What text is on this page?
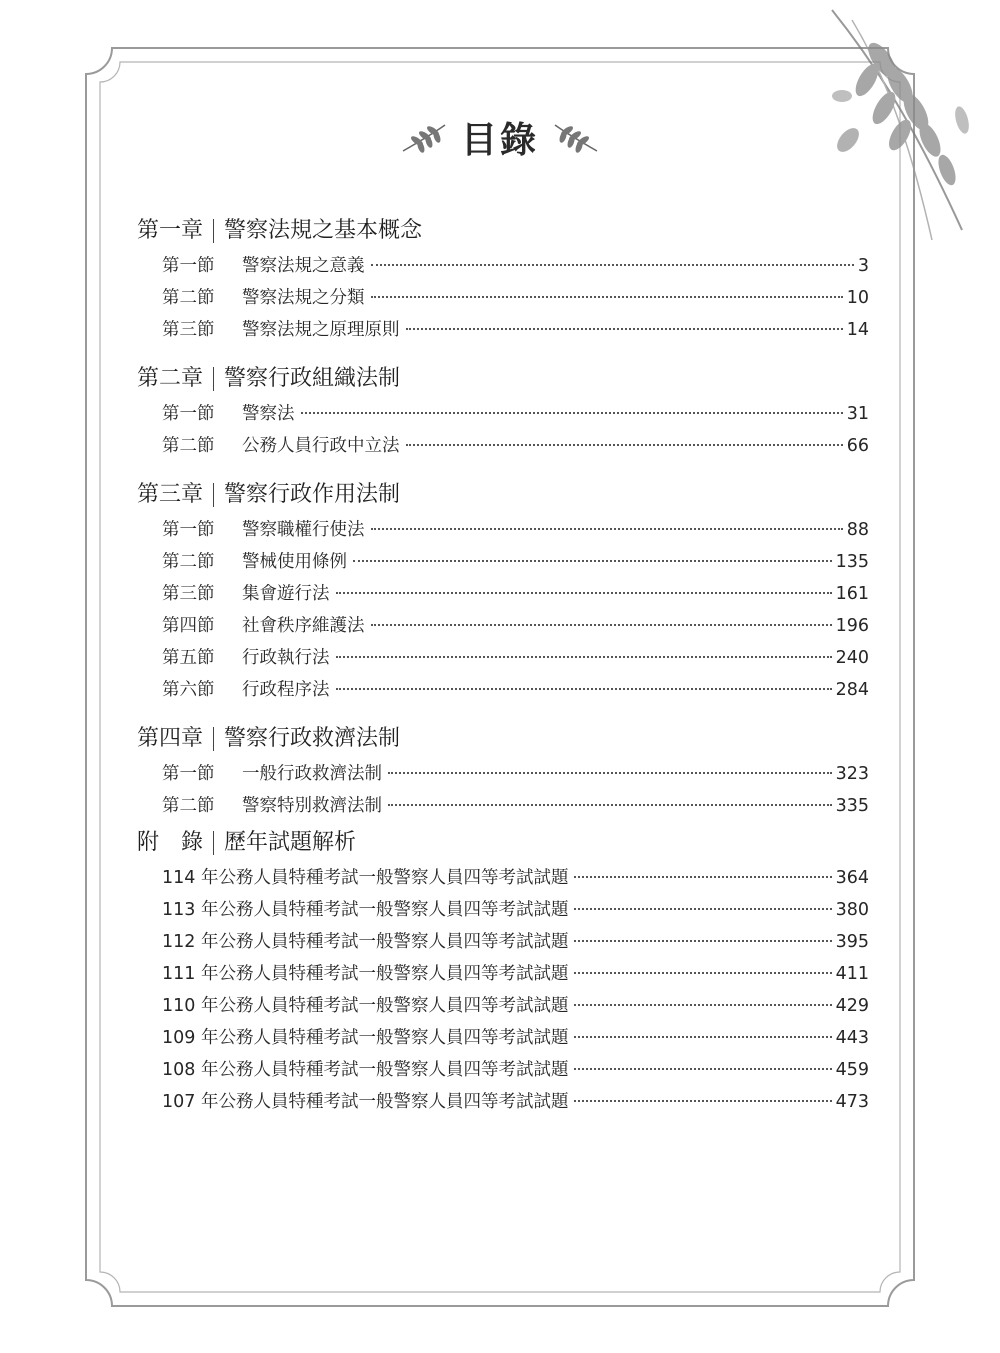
目錄
第一章 警察法規之基本概念
第一節	警察法規之意義	3
第二節	警察法規之分類	10
第三節	警察法規之原理原則	14
第二章 警察行政組織法制
第一節	警察法	31
第二節	公務人員行政中立法	66
第三章 警察行政作用法制
第一節	警察職權行使法	88
第二節	警械使用條例	135
第三節	集會遊行法	161
第四節	社會秩序維護法	196
第五節	行政執行法	240
第六節	行政程序法	284
第四章 警察行政救濟法制
第一節	一般行政救濟法制	323
第二節	警察特別救濟法制	335
附　錄 歷年試題解析
114 年公務人員特種考試一般警察人員四等考試試題	364
113 年公務人員特種考試一般警察人員四等考試試題	380
112 年公務人員特種考試一般警察人員四等考試試題	395
111 年公務人員特種考試一般警察人員四等考試試題	411
110 年公務人員特種考試一般警察人員四等考試試題	429
109 年公務人員特種考試一般警察人員四等考試試題	443
108 年公務人員特種考試一般警察人員四等考試試題	459
107 年公務人員特種考試一般警察人員四等考試試題	473
